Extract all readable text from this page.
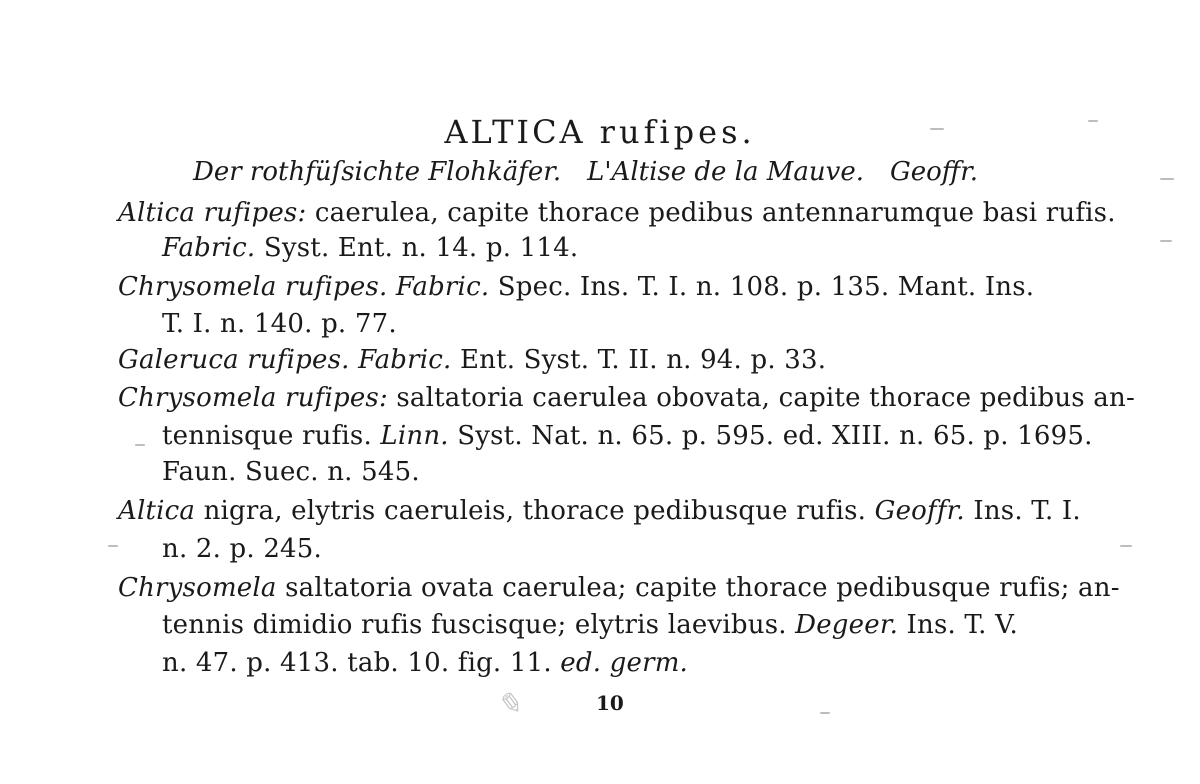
ALTICA rufipes.
Der rothfüſsichte Flohkäfer. L'Altise de la Mauve. Geoffr.
Altica rufipes: caerulea, capite thorace pedibus antennarumque basi rufis.
Fabric. Syst. Ent. n. 14. p. 114.
Chrysomela rufipes. Fabric. Spec. Ins. T. I. n. 108. p. 135. Mant. Ins.
T. I. n. 140. p. 77.
Galeruca rufipes. Fabric. Ent. Syst. T. II. n. 94. p. 33.
Chrysomela rufipes: saltatoria caerulea obovata, capite thorace pedibus an-
tennisque rufis. Linn. Syst. Nat. n. 65. p. 595. ed. XIII. n. 65. p. 1695.
Faun. Suec. n. 545.
Altica nigra, elytris caeruleis, thorace pedibusque rufis. Geoffr. Ins. T. I.
n. 2. p. 245.
Chrysomela saltatoria ovata caerulea; capite thorace pedibusque rufis; an-
tennis dimidio rufis fuscisque; elytris laevibus. Degeer. Ins. T. V.
n. 47. p. 413. tab. 10. fig. 11. ed. germ.
✎	10
